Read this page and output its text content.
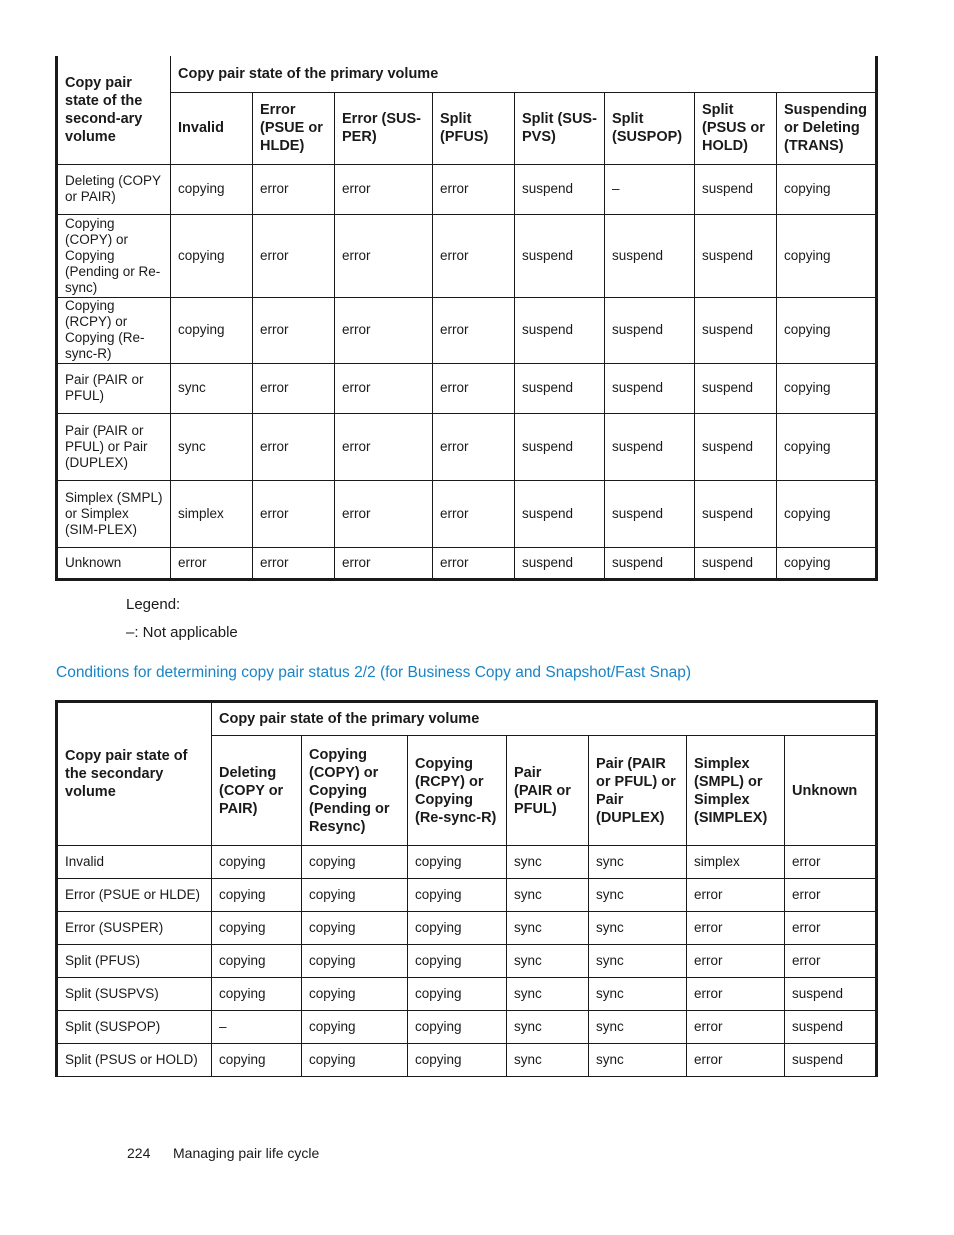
Copy pair state of the second-ary volume	Copy pair state of the primary volume							
	Invalid	Error (PSUE or HLDE)	Error (SUS-PER)	Split (PFUS)	Split (SUS-PVS)	Split (SUSPOP)	Split (PSUS or HOLD)	Suspending or Deleting (TRANS)
Deleting (COPY or PAIR)	copying	error	error	error	suspend	–	suspend	copying
Copying (COPY) or Copying (Pending or Re-sync)	copying	error	error	error	suspend	suspend	suspend	copying
Copying (RCPY) or Copying (Re-sync-R)	copying	error	error	error	suspend	suspend	suspend	copying
Pair (PAIR or PFUL)	sync	error	error	error	suspend	suspend	suspend	copying
Pair (PAIR or PFUL) or Pair (DUPLEX)	sync	error	error	error	suspend	suspend	suspend	copying
Simplex (SMPL) or Simplex (SIM-PLEX)	simplex	error	error	error	suspend	suspend	suspend	copying
Unknown	error	error	error	error	suspend	suspend	suspend	copying
Legend:
–: Not applicable
Conditions for determining copy pair status 2/2 (for Business Copy and Snapshot/Fast Snap)
Copy pair state of the secondary volume	Copy pair state of the primary volume						
	Deleting (COPY or PAIR)	Copying (COPY) or Copying (Pending or Resync)	Copying (RCPY) or Copying (Re-sync-R)	Pair (PAIR or PFUL)	Pair (PAIR or PFUL) or Pair (DUPLEX)	Simplex (SMPL) or Simplex (SIMPLEX)	Unknown
Invalid	copying	copying	copying	sync	sync	simplex	error
Error (PSUE or HLDE)	copying	copying	copying	sync	sync	error	error
Error (SUSPER)	copying	copying	copying	sync	sync	error	error
Split (PFUS)	copying	copying	copying	sync	sync	error	error
Split (SUSPVS)	copying	copying	copying	sync	sync	error	suspend
Split (SUSPOP)	–	copying	copying	sync	sync	error	suspend
Split (PSUS or HOLD)	copying	copying	copying	sync	sync	error	suspend
224 Managing pair life cycle
